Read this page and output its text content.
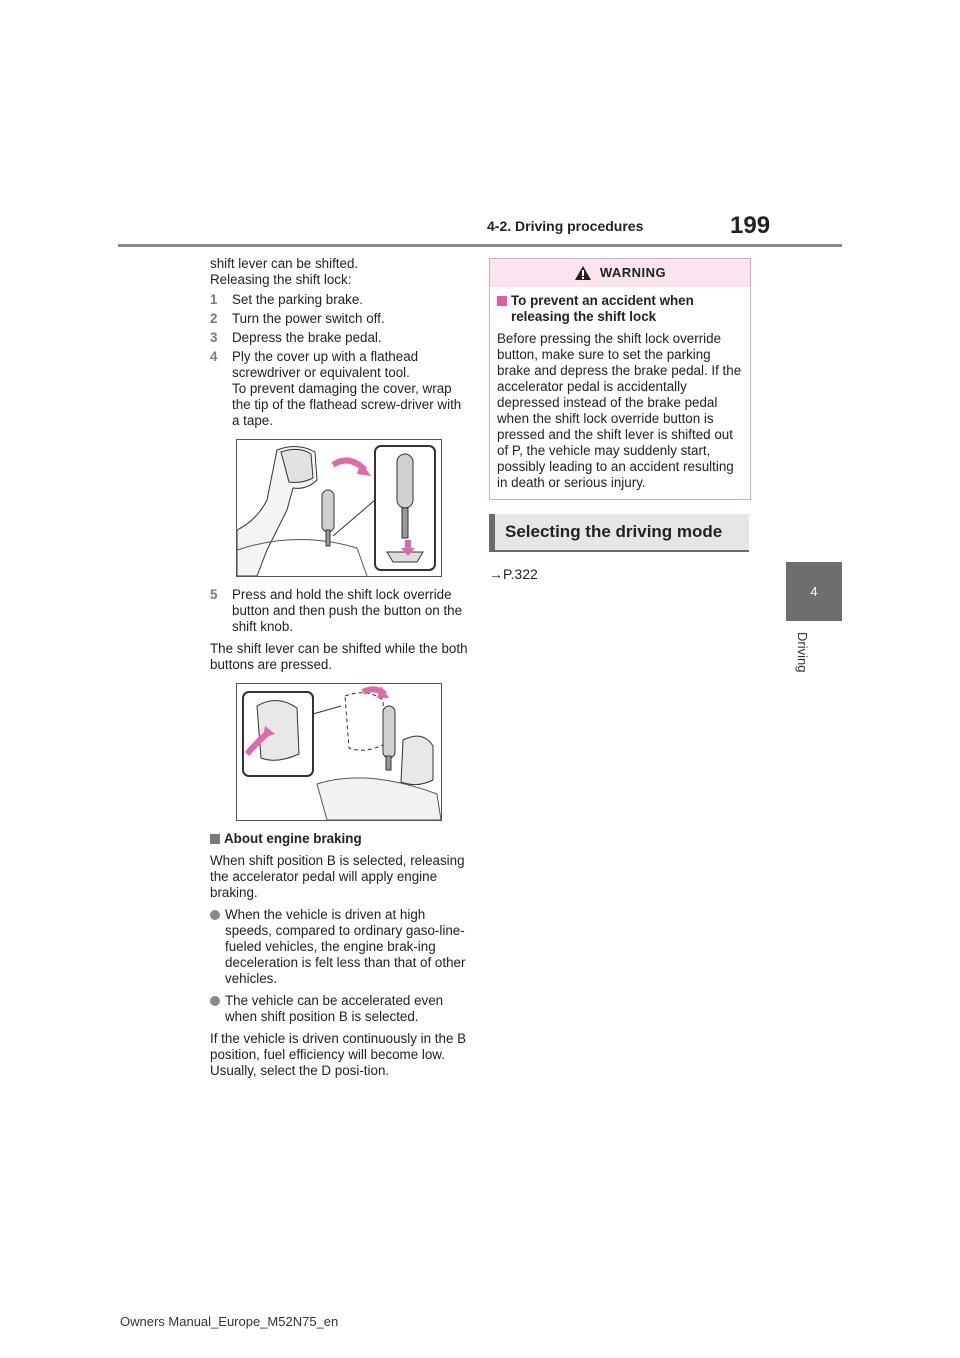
4-2. Driving procedures	199
4
Driving

shift lever can be shifted.

Releasing the shift lock:

1	Set the parking brake.
2	Turn the power switch off.
3	Depress the brake pedal.
4	Ply the cover up with a flathead screwdriver or equivalent tool.
To prevent damaging the cover, wrap the tip of the flathead screw-driver with a tape.
5	Press and hold the shift lock override button and then push the button on the shift knob.

The shift lever can be shifted while the both buttons are pressed.

About engine braking

When shift position B is selected, releasing the accelerator pedal will apply engine braking.

When the vehicle is driven at high speeds, compared to ordinary gaso-line-fueled vehicles, the engine brak-ing deceleration is felt less than that of other vehicles.
The vehicle can be accelerated even when shift position B is selected.

If the vehicle is driven continuously in the B position, fuel efficiency will become low. Usually, select the D posi-tion.

WARNING
To prevent an accident when releasing the shift lock
Before pressing the shift lock override button, make sure to set the parking brake and depress the brake pedal. If the accelerator pedal is accidentally depressed instead of the brake pedal when the shift lock override button is pressed and the shift lever is shifted out of P, the vehicle may suddenly start, possibly leading to an accident resulting in death or serious injury.
Selecting the driving mode
→P.322
Owners Manual_Europe_M52N75_en
